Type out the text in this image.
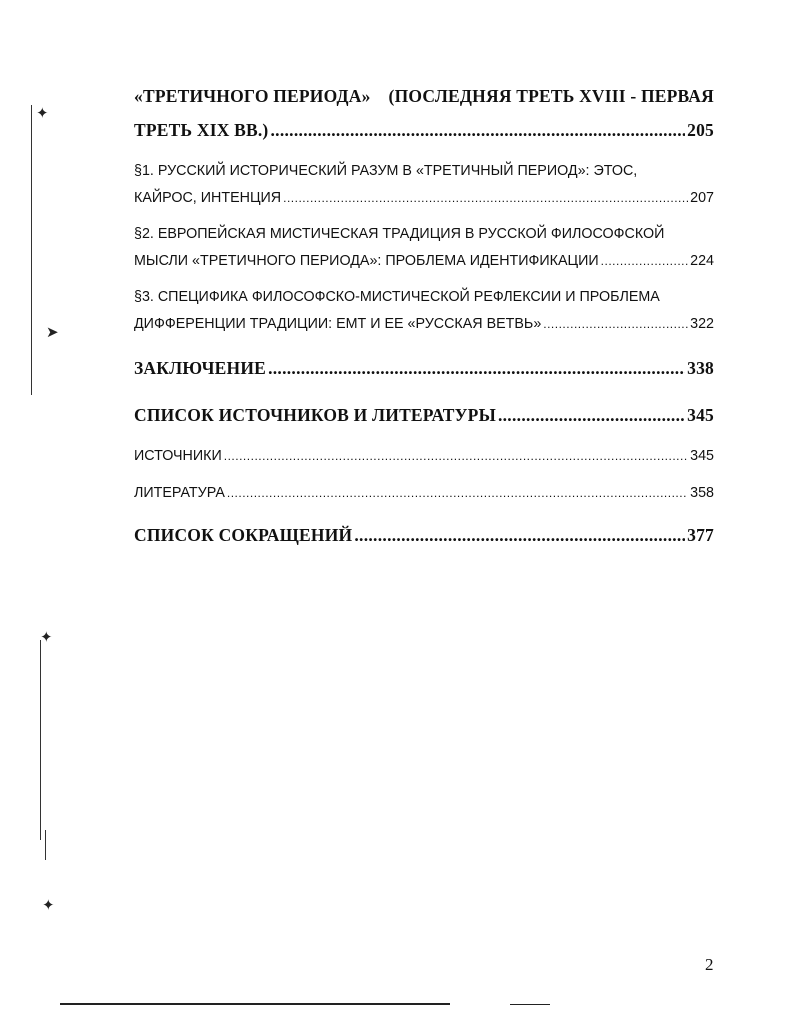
✦
➤
✦
✦
«ТРЕТИЧНОГО ПЕРИОДА» (ПОСЛЕДНЯЯ ТРЕТЬ XVIII - ПЕРВАЯ
ТРЕТЬ XIX ВВ.) .....	205
§1. РУССКИЙ ИСТОРИЧЕСКИЙ РАЗУМ В «ТРЕТИЧНЫЙ ПЕРИОД»: ЭТОС,
КАЙРОС, ИНТЕНЦИЯ .....	207
§2. ЕВРОПЕЙСКАЯ МИСТИЧЕСКАЯ ТРАДИЦИЯ В РУССКОЙ ФИЛОСОФСКОЙ
МЫСЛИ «ТРЕТИЧНОГО ПЕРИОДА»: ПРОБЛЕМА ИДЕНТИФИКАЦИИ .....	224
§3. СПЕЦИФИКА ФИЛОСОФСКО-МИСТИЧЕСКОЙ РЕФЛЕКСИИ И ПРОБЛЕМА
ДИФФЕРЕНЦИИ ТРАДИЦИИ: ЕМТ И ЕЕ «РУССКАЯ ВЕТВЬ» .....	322
ЗАКЛЮЧЕНИЕ .....	338
СПИСОК ИСТОЧНИКОВ И ЛИТЕРАТУРЫ .....	345
ИСТОЧНИКИ .....	345
ЛИТЕРАТУРА .....	358
СПИСОК СОКРАЩЕНИЙ .....	377
2
